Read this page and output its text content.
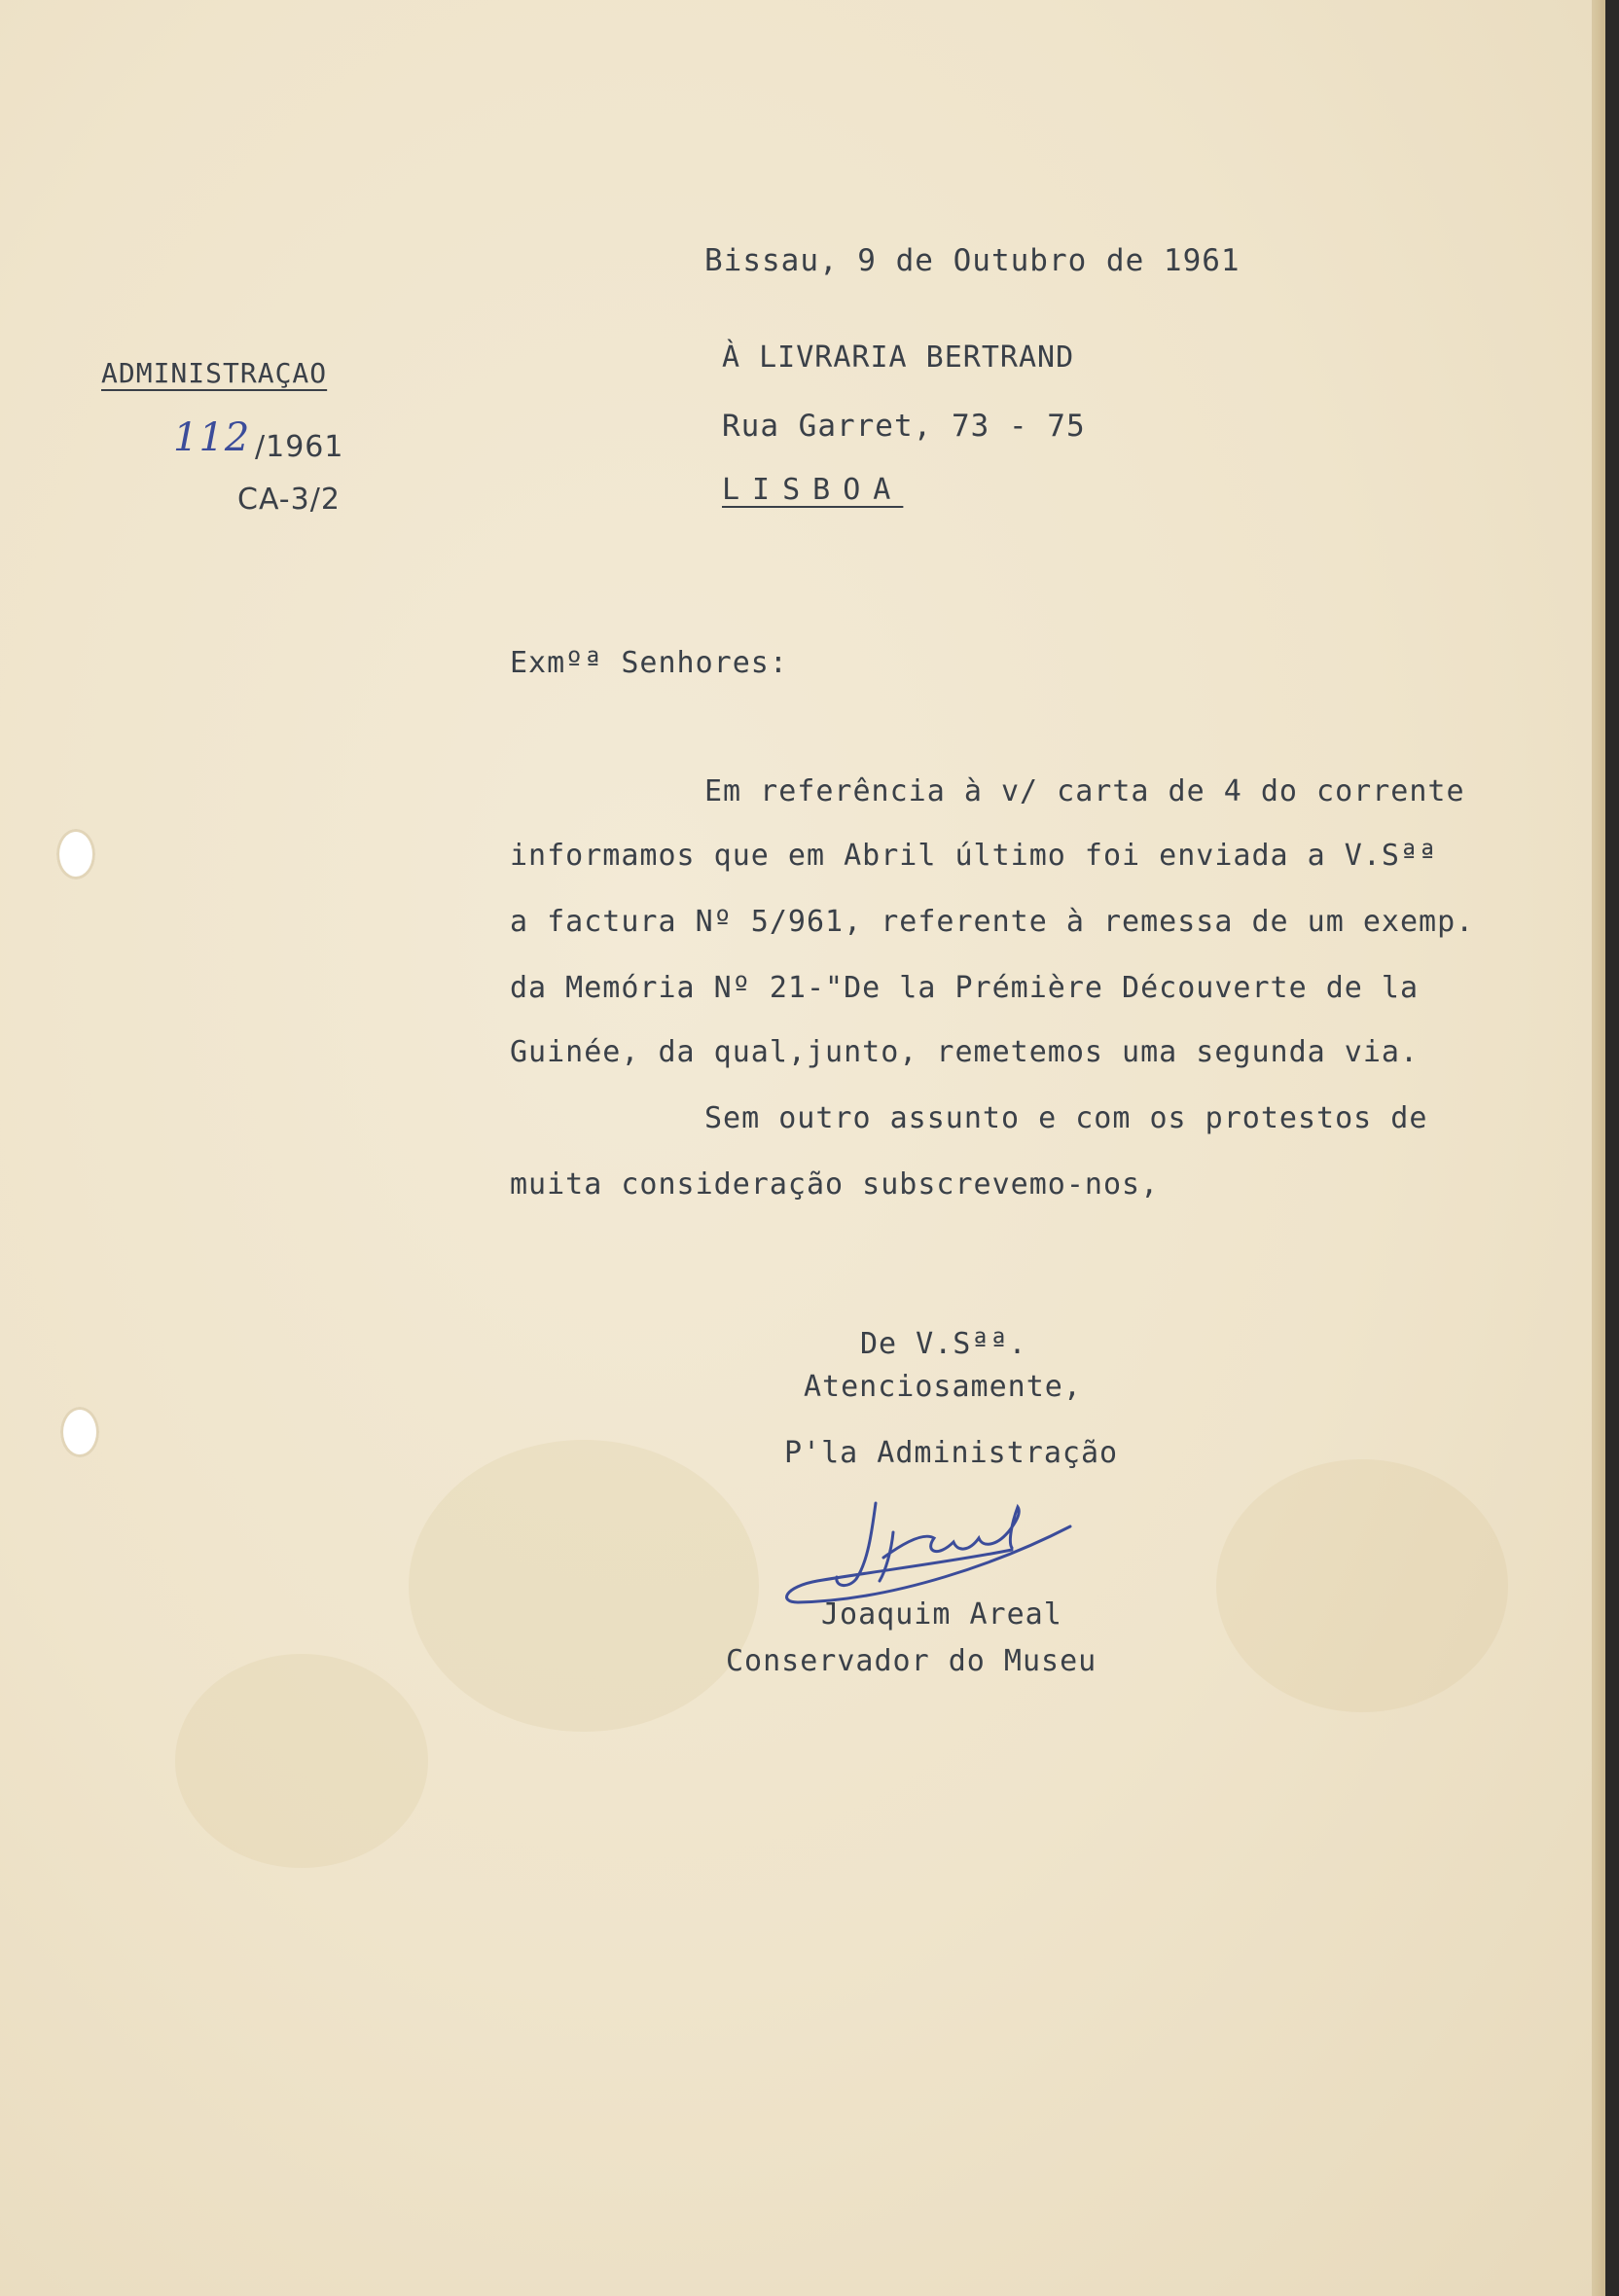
ADMINISTRAÇAO
112 /1961
CA-3/2
Bissau, 9 de Outubro de 1961
À LIVRARIA BERTRAND
Rua Garret, 73 - 75
LISBOA
Exmºª Senhores:
Em referência à v/ carta de 4 do corrente
informamos que em Abril último foi enviada a V.Sªª
a factura Nº 5/961, referente à remessa de um exemp.
da Memória Nº 21-"De la Prémière Découverte de la
Guinée, da qual,junto, remetemos uma segunda via.
Sem outro assunto e com os protestos de
muita consideração subscrevemo-nos,
De V.Sªª.
Atenciosamente,
P'la Administração
Joaquim Areal
Conservador do Museu
